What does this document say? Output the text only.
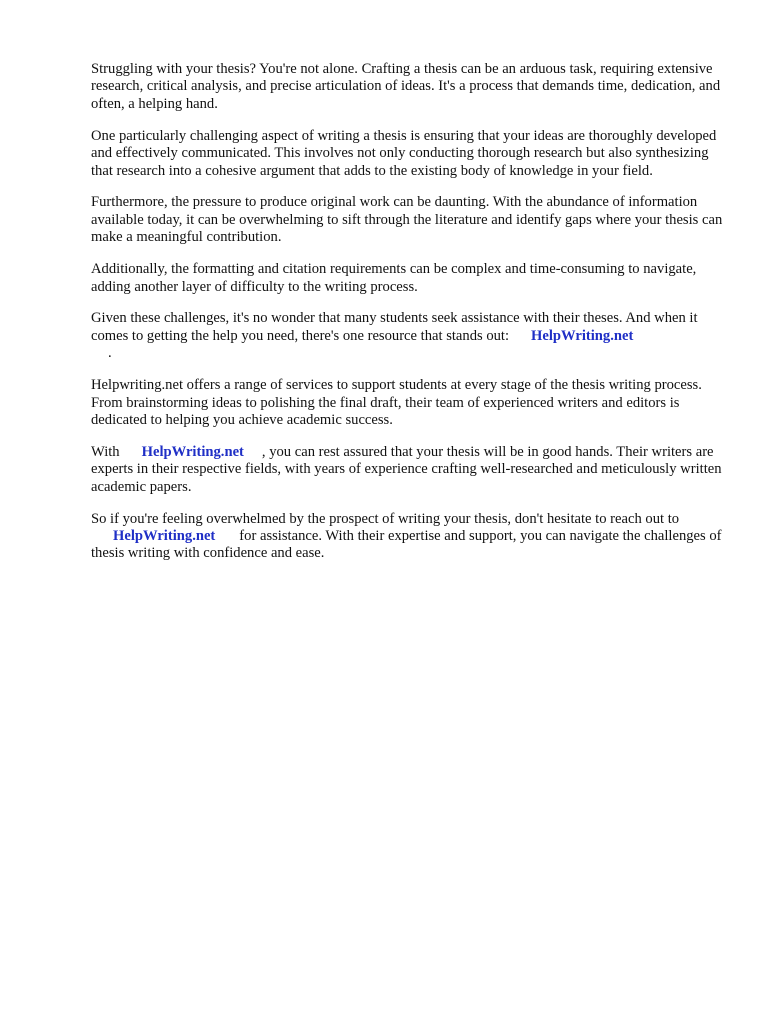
Struggling with your thesis? You're not alone. Crafting a thesis can be an arduous task, requiring extensive research, critical analysis, and precise articulation of ideas. It's a process that demands time, dedication, and often, a helping hand.

One particularly challenging aspect of writing a thesis is ensuring that your ideas are thoroughly developed and effectively communicated. This involves not only conducting thorough research but also synthesizing that research into a cohesive argument that adds to the existing body of knowledge in your field.

Furthermore, the pressure to produce original work can be daunting. With the abundance of information available today, it can be overwhelming to sift through the literature and identify gaps where your thesis can make a meaningful contribution.

Additionally, the formatting and citation requirements can be complex and time-consuming to navigate, adding another layer of difficulty to the writing process.

Given these challenges, it's no wonder that many students seek assistance with their theses. And when it comes to getting the help you need, there's one resource that stands out: HelpWriting.net
.

Helpwriting.net offers a range of services to support students at every stage of the thesis writing process. From brainstorming ideas to polishing the final draft, their team of experienced writers and editors is dedicated to helping you achieve academic success.

With HelpWriting.net , you can rest assured that your thesis will be in good hands. Their writers are experts in their respective fields, with years of experience crafting well-researched and meticulously written academic papers.

So if you're feeling overwhelmed by the prospect of writing your thesis, don't hesitate to reach out to
HelpWriting.net for assistance. With their expertise and support, you can navigate the challenges of thesis writing with confidence and ease.
